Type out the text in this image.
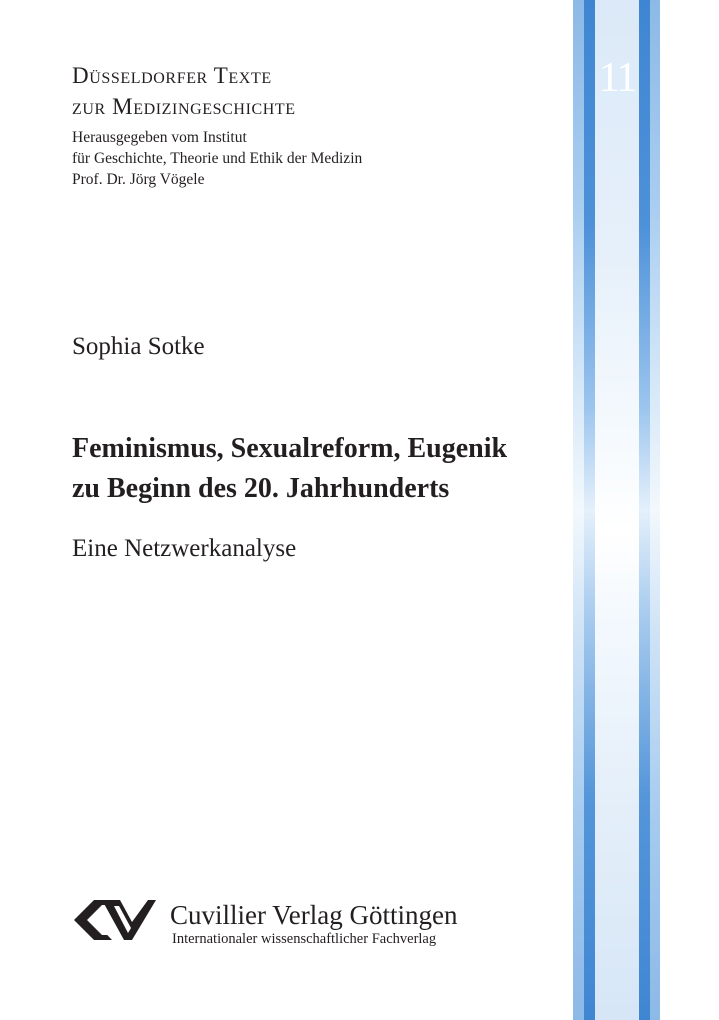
11
Düsseldorfer Texte
zur Medizingeschichte
Herausgegeben vom Institut
für Geschichte, Theorie und Ethik der Medizin
Prof. Dr. Jörg Vögele
Sophia Sotke
Feminismus, Sexualreform, Eugenik
zu Beginn des 20. Jahrhunderts
Eine Netzwerkanalyse
Cuvillier Verlag Göttingen
Internationaler wissenschaftlicher Fachverlag
